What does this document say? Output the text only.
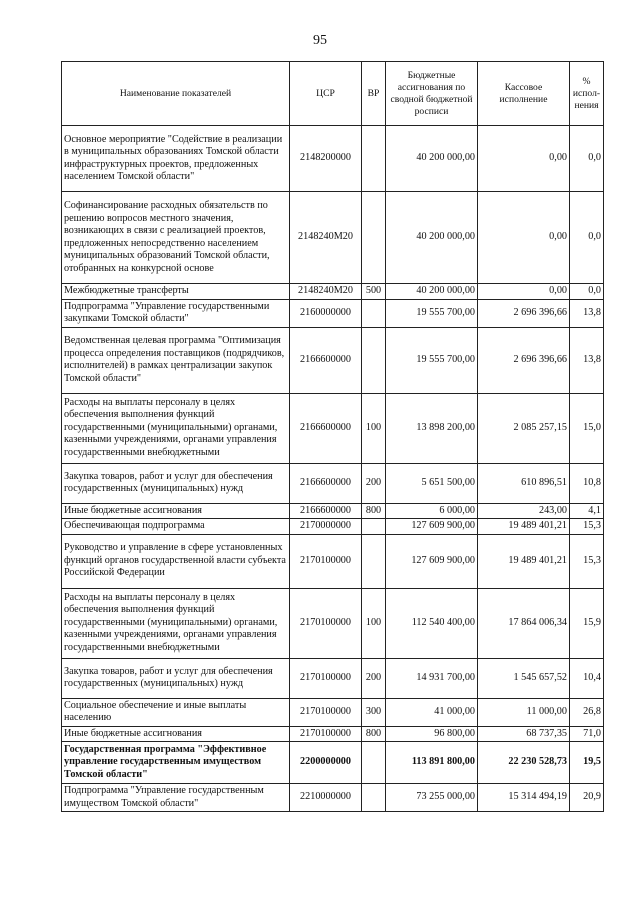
95
Наименование показателей	ЦСР	ВР	Бюджетные ассигнования по сводной бюджетной росписи	Кассовое исполнение	% испол-нения
Основное мероприятие "Содействие в реализации в муниципальных образованиях Томской области инфраструктурных проектов, предложенных населением Томской области"	2148200000		40 200 000,00	0,00	0,0
Софинансирование расходных обязательств по решению вопросов местного значения, возникающих в связи с реализацией проектов, предложенных непосредственно населением муниципальных образований Томской области, отобранных на конкурсной основе	2148240M20		40 200 000,00	0,00	0,0
Межбюджетные трансферты	2148240M20	500	40 200 000,00	0,00	0,0
Подпрограмма "Управление государственными закупками Томской области"	2160000000		19 555 700,00	2 696 396,66	13,8
Ведомственная целевая программа "Оптимизация процесса определения поставщиков (подрядчиков, исполнителей) в рамках централизации закупок Томской области"	2166600000		19 555 700,00	2 696 396,66	13,8
Расходы на выплаты персоналу в целях обеспечения выполнения функций государственными (муниципальными) органами, казенными учреждениями, органами управления государственными внебюджетными	2166600000	100	13 898 200,00	2 085 257,15	15,0
Закупка товаров, работ и услуг для обеспечения государственных (муниципальных) нужд	2166600000	200	5 651 500,00	610 896,51	10,8
Иные бюджетные ассигнования	2166600000	800	6 000,00	243,00	4,1
Обеспечивающая подпрограмма	2170000000		127 609 900,00	19 489 401,21	15,3
Руководство и управление в сфере установленных функций органов государственной власти субъекта Российской Федерации	2170100000		127 609 900,00	19 489 401,21	15,3
Расходы на выплаты персоналу в целях обеспечения выполнения функций государственными (муниципальными) органами, казенными учреждениями, органами управления государственными внебюджетными	2170100000	100	112 540 400,00	17 864 006,34	15,9
Закупка товаров, работ и услуг для обеспечения государственных (муниципальных) нужд	2170100000	200	14 931 700,00	1 545 657,52	10,4
Социальное обеспечение и иные выплаты населению	2170100000	300	41 000,00	11 000,00	26,8
Иные бюджетные ассигнования	2170100000	800	96 800,00	68 737,35	71,0
Государственная программа "Эффективное управление государственным имуществом Томской области"	2200000000		113 891 800,00	22 230 528,73	19,5
Подпрограмма "Управление государственным имуществом Томской области"	2210000000		73 255 000,00	15 314 494,19	20,9
